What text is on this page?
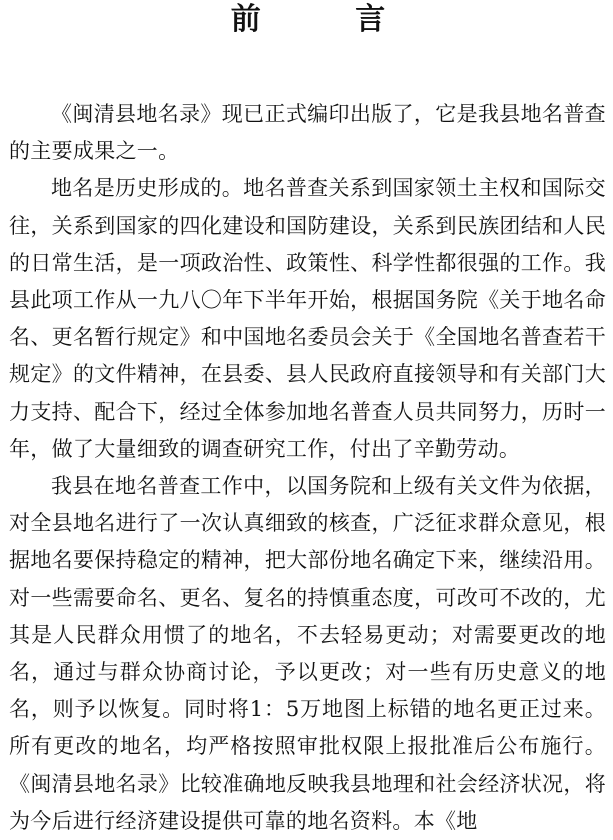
前 言

《闽清县地名录》现已正式编印出版了，它是我县地名普查的主要成果之一。

地名是历史形成的。地名普查关系到国家领土主权和国际交往，关系到国家的四化建设和国防建设，关系到民族团结和人民的日常生活，是一项政治性、政策性、科学性都很强的工作。我县此项工作从一九八〇年下半年开始，根据国务院《关于地名命名、更名暂行规定》和中国地名委员会关于《全国地名普查若干规定》的文件精神，在县委、县人民政府直接领导和有关部门大力支持、配合下，经过全体参加地名普查人员共同努力，历时一年，做了大量细致的调查研究工作，付出了辛勤劳动。

我县在地名普查工作中，以国务院和上级有关文件为依据，对全县地名进行了一次认真细致的核查，广泛征求群众意见，根据地名要保持稳定的精神，把大部份地名确定下来，继续沿用。对一些需要命名、更名、复名的持慎重态度，可改可不改的，尤其是人民群众用惯了的地名，不去轻易更动；对需要更改的地名，通过与群众协商讨论，予以更改；对一些有历史意义的地名，则予以恢复。同时将1：5万地图上标错的地名更正过来。所有更改的地名，均严格按照审批权限上报批准后公布施行。《闽清县地名录》比较准确地反映我县地理和社会经济状况，将为今后进行经济建设提供可靠的地名资料。本《地
